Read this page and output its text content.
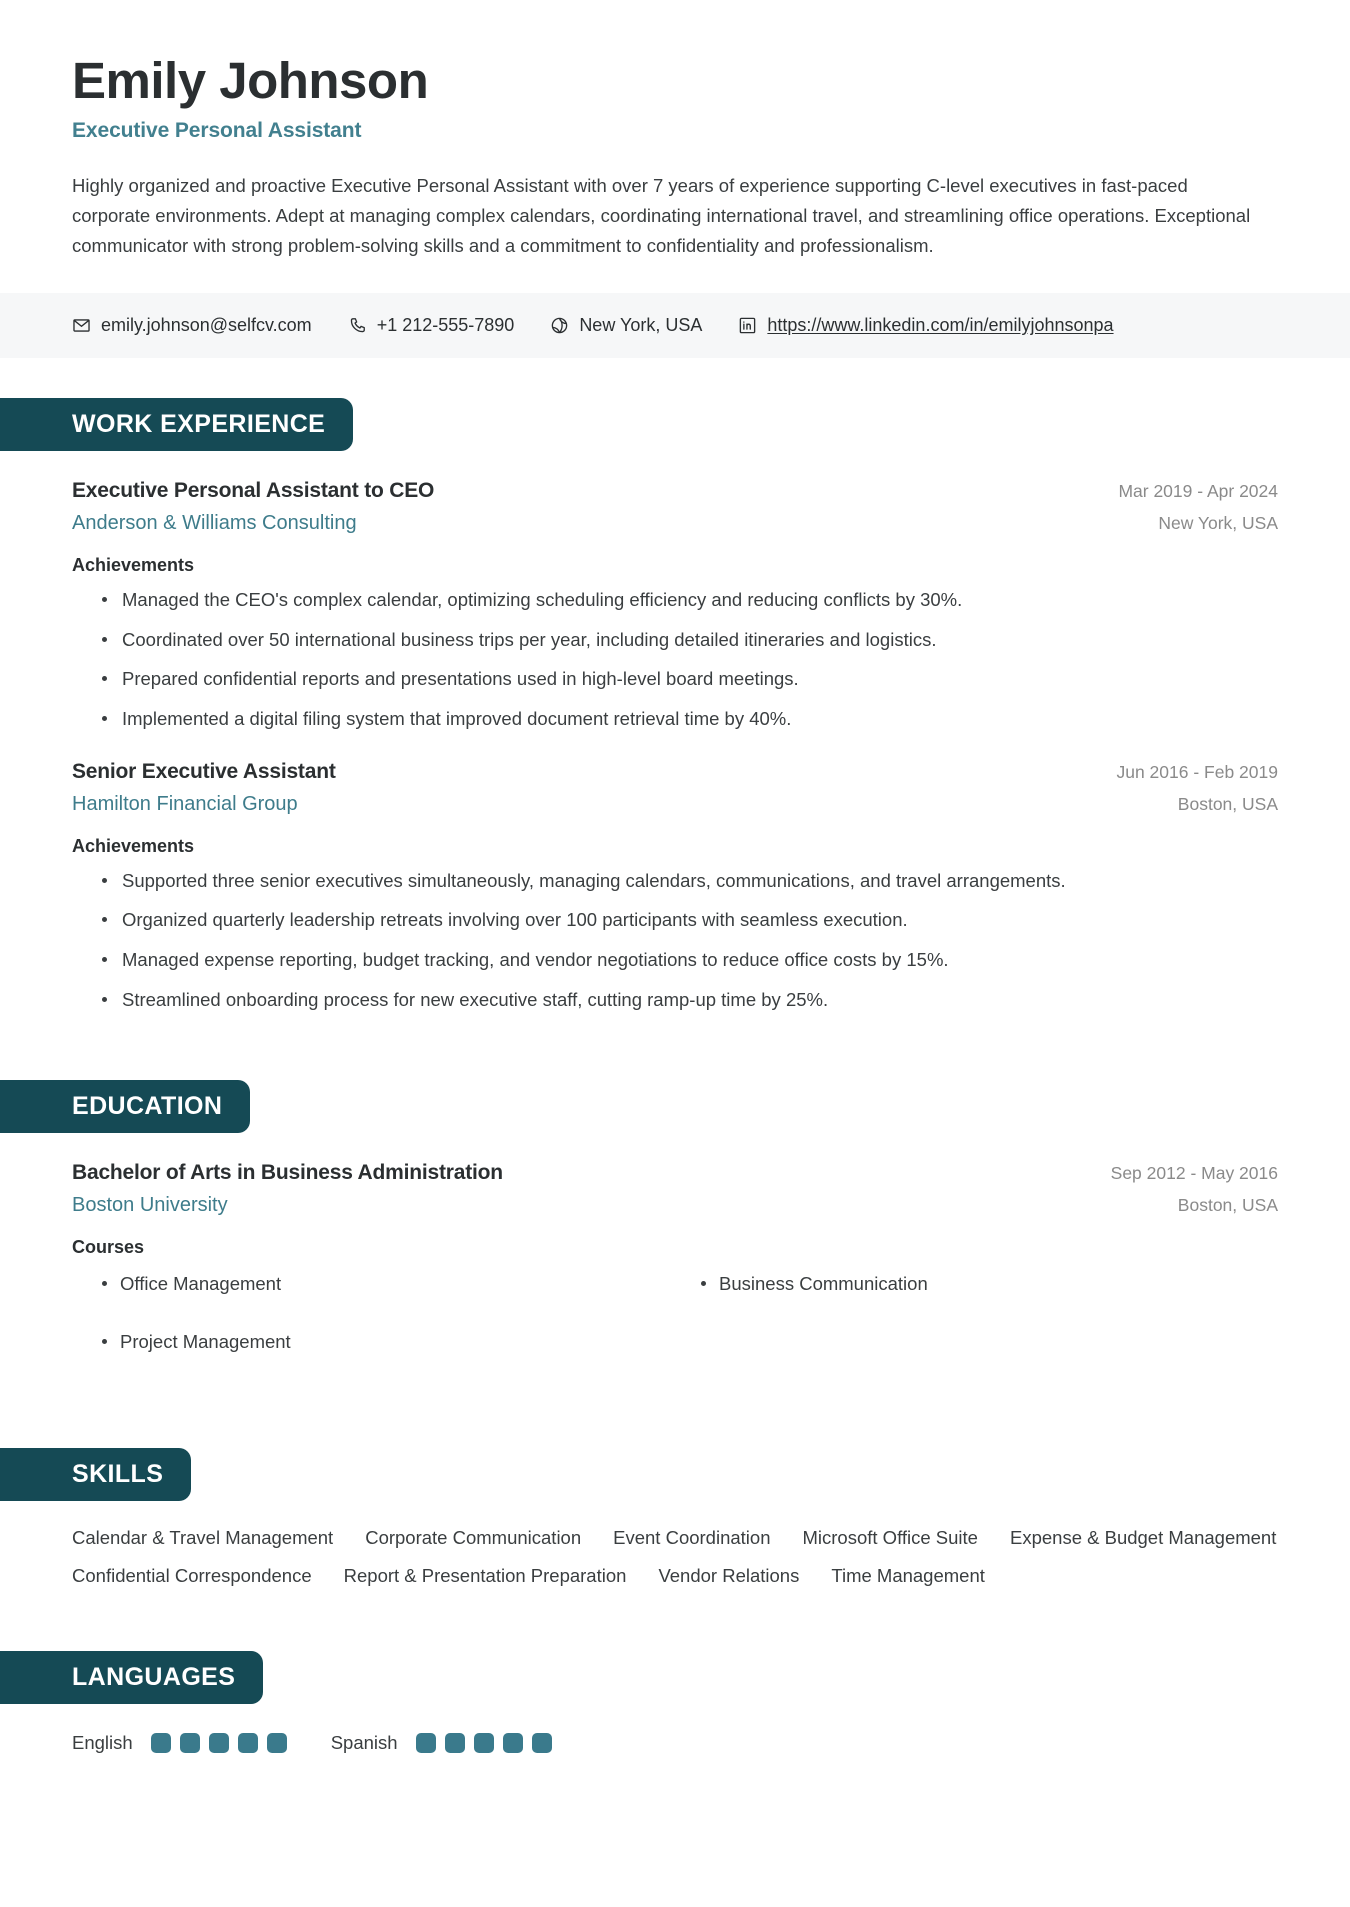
Emily Johnson
Executive Personal Assistant
Highly organized and proactive Executive Personal Assistant with over 7 years of experience supporting C-level executives in fast-paced corporate environments. Adept at managing complex calendars, coordinating international travel, and streamlining office operations. Exceptional communicator with strong problem-solving skills and a commitment to confidentiality and professionalism.
emily.johnson@selfcv.com	+1 212-555-7890	New York, USA	https://www.linkedin.com/in/emilyjohnsonpa
WORK EXPERIENCE
Executive Personal Assistant to CEO	Mar 2019 - Apr 2024
Anderson & Williams Consulting	New York, USA
Achievements
Managed the CEO's complex calendar, optimizing scheduling efficiency and reducing conflicts by 30%.
Coordinated over 50 international business trips per year, including detailed itineraries and logistics.
Prepared confidential reports and presentations used in high-level board meetings.
Implemented a digital filing system that improved document retrieval time by 40%.
Senior Executive Assistant	Jun 2016 - Feb 2019
Hamilton Financial Group	Boston, USA
Achievements
Supported three senior executives simultaneously, managing calendars, communications, and travel arrangements.
Organized quarterly leadership retreats involving over 100 participants with seamless execution.
Managed expense reporting, budget tracking, and vendor negotiations to reduce office costs by 15%.
Streamlined onboarding process for new executive staff, cutting ramp-up time by 25%.
EDUCATION
Bachelor of Arts in Business Administration	Sep 2012 - May 2016
Boston University	Boston, USA
Courses
Office Management	Business Communication
Project Management
SKILLS
Calendar & Travel Management Corporate Communication Event Coordination Microsoft Office Suite Expense & Budget Management
Confidential Correspondence Report & Presentation Preparation Vendor Relations Time Management
LANGUAGES
English	Spanish
